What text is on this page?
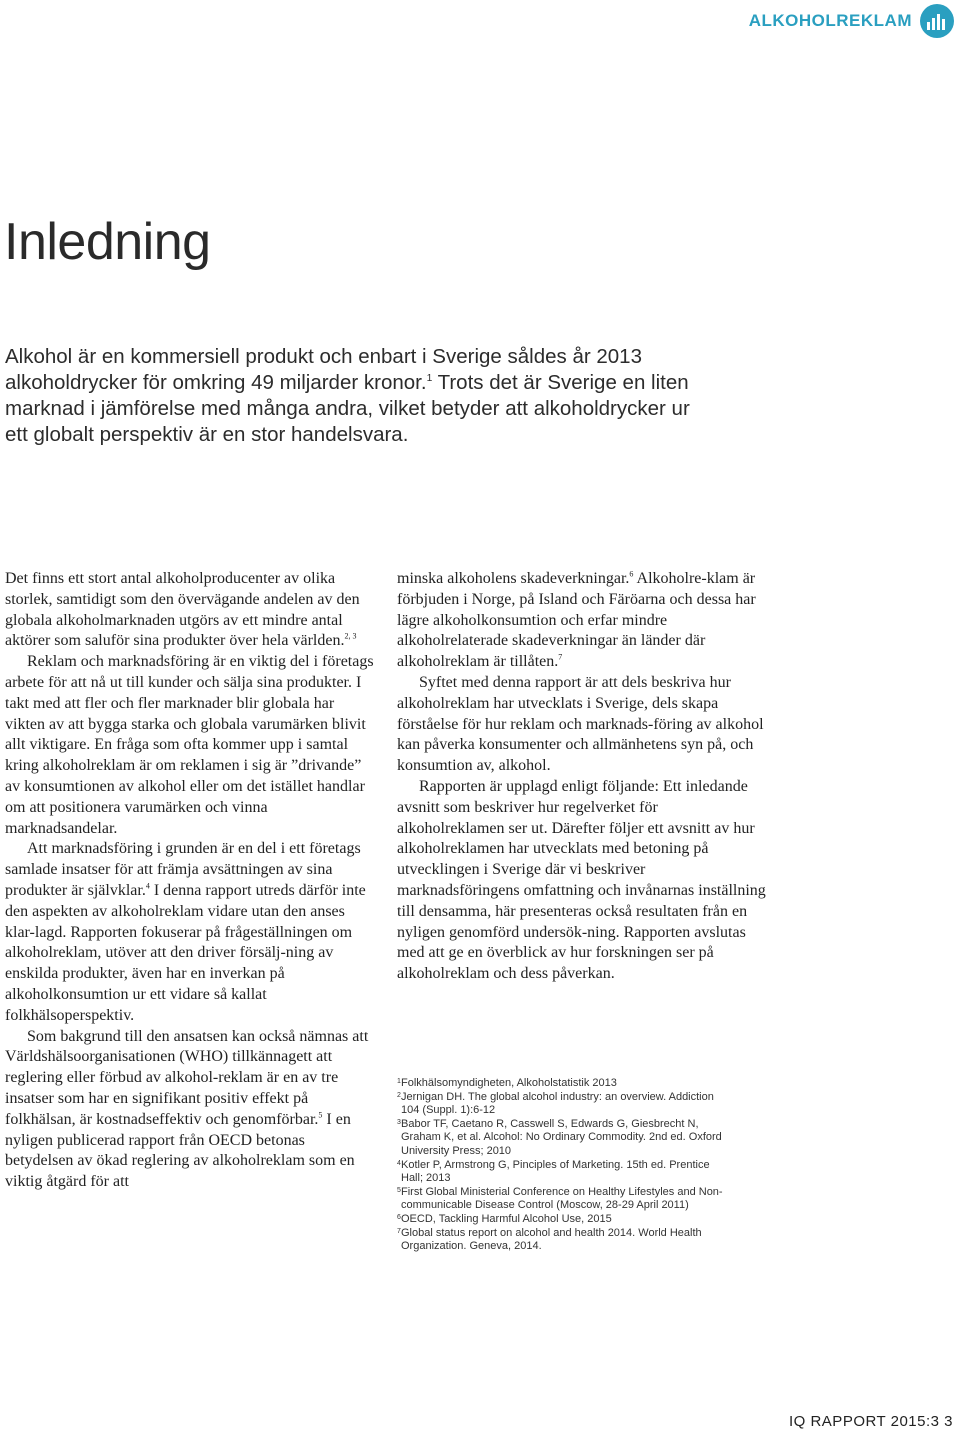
ALKOHOLREKLAM
Inledning

Alkohol är en kommersiell produkt och enbart i Sverige såldes år 2013 alkoholdrycker för omkring 49 miljarder kronor.$^1$ Trots det är Sverige en liten marknad i jämförelse med många andra, vilket betyder att alkoholdrycker ur ett globalt perspektiv är en stor handelsvara.

Det finns ett stort antal alkoholproducenter av olika storlek, samtidigt som den övervägande andelen av den globala alkoholmarknaden utgörs av ett mindre antal aktörer som saluför sina produkter över hela världen.$^{2, 3}$

Reklam och marknadsföring är en viktig del i företags arbete för att nå ut till kunder och sälja sina produkter. I takt med att fler och fler marknader blir globala har vikten av att bygga starka och globala varumärken blivit allt viktigare. En fråga som ofta kommer upp i samtal kring alkoholreklam är om reklamen i sig är ”drivande” av konsumtionen av alkohol eller om det istället handlar om att positionera varumärken och vinna marknadsandelar.

Att marknadsföring i grunden är en del i ett företags samlade insatser för att främja avsättningen av sina produkter är självklar.$^4$ I denna rapport utreds därför inte den aspekten av alkoholreklam vidare utan den anses klar-lagd. Rapporten fokuserar på frågeställningen om alkoholreklam, utöver att den driver försälj-ning av enskilda produkter, även har en inverkan på alkoholkonsumtion ur ett vidare så kallat folkhälsoperspektiv.

Som bakgrund till den ansatsen kan också nämnas att Världshälsoorganisationen (WHO) tillkännagett att reglering eller förbud av alkohol-reklam är en av tre insatser som har en signifikant positiv effekt på folkhälsan, är kostnadseffektiv och genomförbar.$^5$ I en nyligen publicerad rapport från OECD betonas betydelsen av ökad reglering av alkoholreklam som en viktig åtgärd för att

minska alkoholens skadeverkningar.$^6$ Alkoholre-klam är förbjuden i Norge, på Island och Färöarna och dessa har lägre alkoholkonsumtion och erfar mindre alkoholrelaterade skadeverkningar än länder där alkoholreklam är tillåten.$^7$

Syftet med denna rapport är att dels beskriva hur alkoholreklam har utvecklats i Sverige, dels skapa förståelse för hur reklam och marknads-föring av alkohol kan påverka konsumenter och allmänhetens syn på, och konsumtion av, alkohol.

Rapporten är upplagd enligt följande: Ett inledande avsnitt som beskriver hur regelverket för alkoholreklamen ser ut. Därefter följer ett avsnitt av hur alkoholreklamen har utvecklats med betoning på utvecklingen i Sverige där vi beskriver marknadsföringens omfattning och invånarnas inställning till densamma, här presenteras också resultaten från en nyligen genomförd undersök-ning. Rapporten avslutas med att ge en överblick av hur forskningen ser på alkoholreklam och dess påverkan.

1 Folkhälsomyndigheten, Alkoholstatistik 2013
2 Jernigan DH. The global alcohol industry: an overview. Addiction
104 (Suppl. 1):6-12
3 Babor TF, Caetano R, Casswell S, Edwards G, Giesbrecht N,
Graham K, et al. Alcohol: No Ordinary Commodity. 2nd ed. Oxford
University Press; 2010
4 Kotler P, Armstrong G, Pinciples of Marketing. 15th ed. Prentice
Hall; 2013
5 First Global Ministerial Conference on Healthy Lifestyles and Non-
communicable Disease Control (Moscow, 28-29 April 2011)
6 OECD, Tackling Harmful Alcohol Use, 2015
7 Global status report on alcohol and health 2014. World Health
Organization. Geneva, 2014.
IQ RAPPORT 2015:3 3
